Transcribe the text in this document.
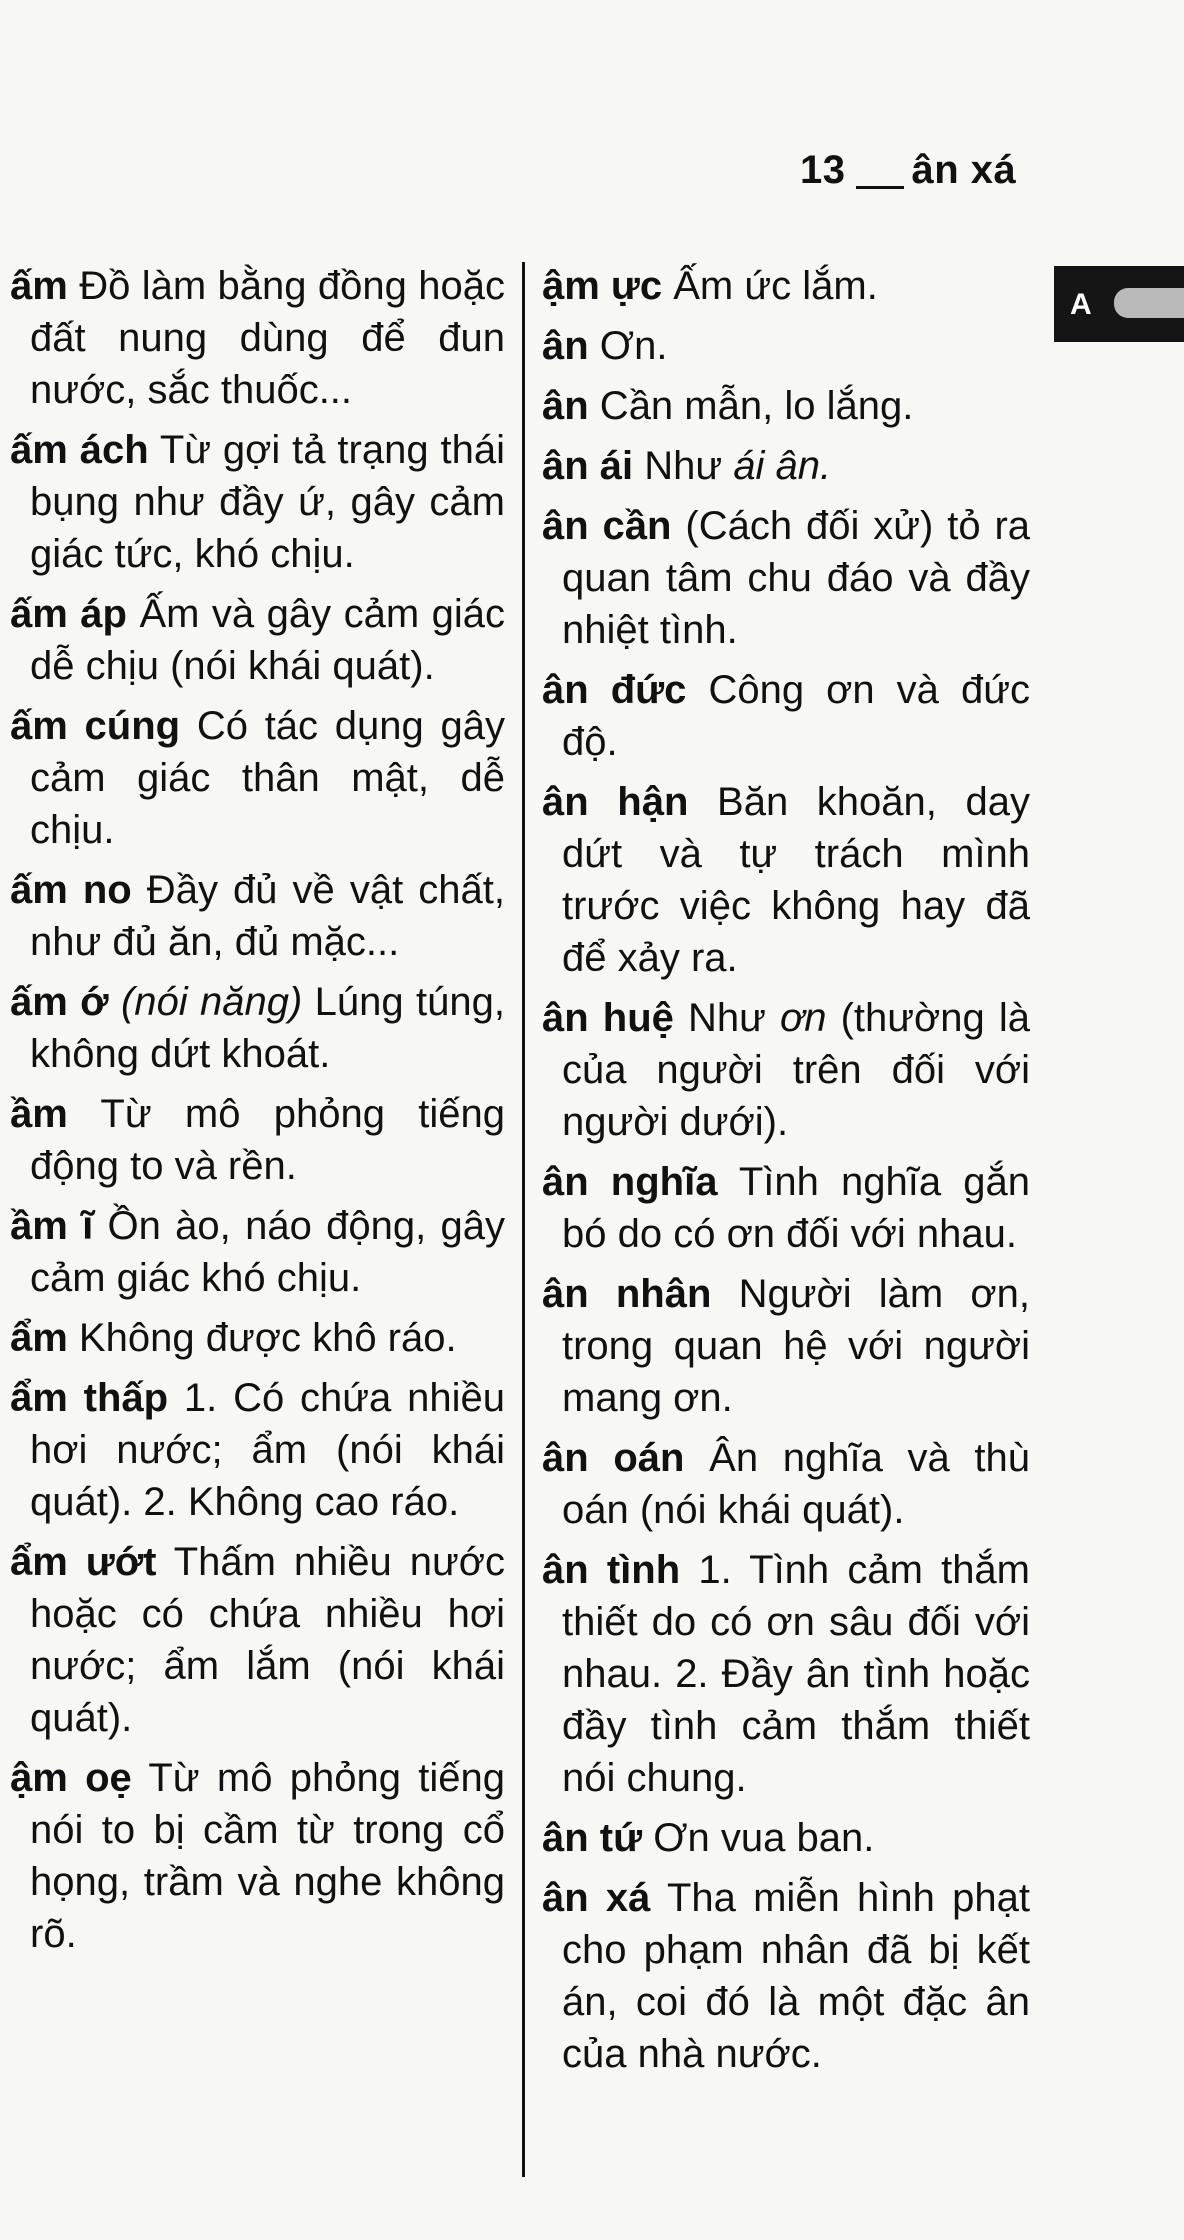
13 ân xá
A
ấm Đồ làm bằng đồng hoặc đất nung dùng để đun nước, sắc thuốc...
ấm ách Từ gợi tả trạng thái bụng như đầy ứ, gây cảm giác tức, khó chịu.
ấm áp Ấm và gây cảm giác dễ chịu (nói khái quát).
ấm cúng Có tác dụng gây cảm giác thân mật, dễ chịu.
ấm no Đầy đủ về vật chất, như đủ ăn, đủ mặc...
ấm ớ (nói năng) Lúng túng, không dứt khoát.
ầm Từ mô phỏng tiếng động to và rền.
ầm ĩ Ồn ào, náo động, gây cảm giác khó chịu.
ẩm Không được khô ráo.
ẩm thấp 1. Có chứa nhiều hơi nước; ẩm (nói khái quát). 2. Không cao ráo.
ẩm ướt Thấm nhiều nước hoặc có chứa nhiều hơi nước; ẩm lắm (nói khái quát).
ậm oẹ Từ mô phỏng tiếng nói to bị cầm từ trong cổ họng, trầm và nghe không rõ.
ậm ực Ấm ức lắm.
ân Ơn.
ân Cần mẫn, lo lắng.
ân ái Như ái ân.
ân cần (Cách đối xử) tỏ ra quan tâm chu đáo và đầy nhiệt tình.
ân đức Công ơn và đức độ.
ân hận Băn khoăn, day dứt và tự trách mình trước việc không hay đã để xảy ra.
ân huệ Như ơn (thường là của người trên đối với người dưới).
ân nghĩa Tình nghĩa gắn bó do có ơn đối với nhau.
ân nhân Người làm ơn, trong quan hệ với người mang ơn.
ân oán Ân nghĩa và thù oán (nói khái quát).
ân tình 1. Tình cảm thắm thiết do có ơn sâu đối với nhau. 2. Đầy ân tình hoặc đầy tình cảm thắm thiết nói chung.
ân tứ Ơn vua ban.
ân xá Tha miễn hình phạt cho phạm nhân đã bị kết án, coi đó là một đặc ân của nhà nước.
